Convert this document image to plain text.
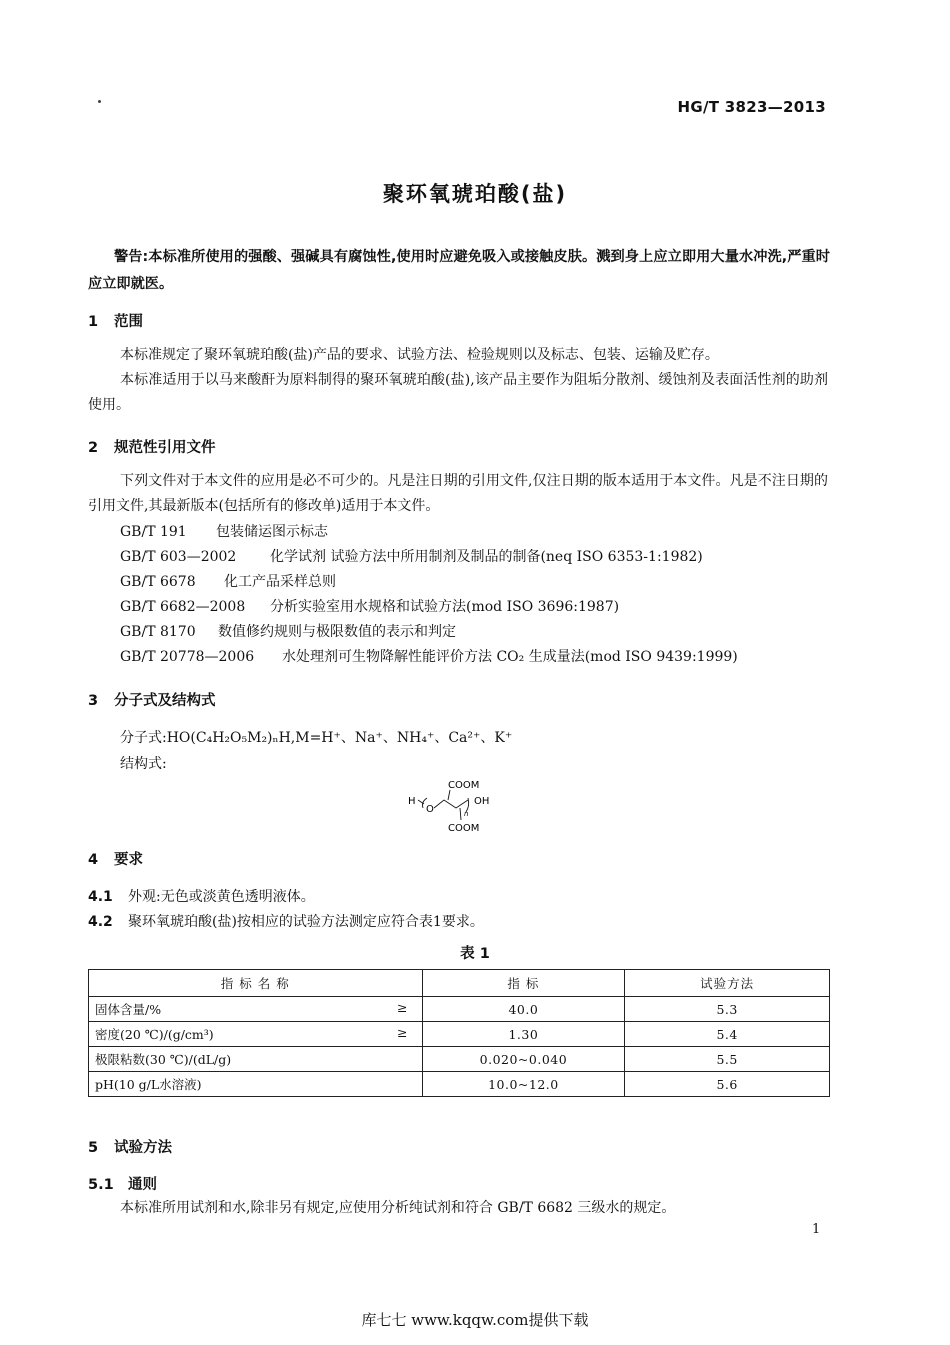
HG/T 3823—2013
聚环氧琥珀酸(盐)
警告:本标准所使用的强酸、强碱具有腐蚀性,使用时应避免吸入或接触皮肤。溅到身上应立即用大量水冲洗,严重时应立即就医。
1 范围
本标准规定了聚环氧琥珀酸(盐)产品的要求、试验方法、检验规则以及标志、包装、运输及贮存。
本标准适用于以马来酸酐为原料制得的聚环氧琥珀酸(盐),该产品主要作为阻垢分散剂、缓蚀剂及表面活性剂的助剂使用。
2 规范性引用文件
下列文件对于本文件的应用是必不可少的。凡是注日期的引用文件,仅注日期的版本适用于本文件。凡是不注日期的引用文件,其最新版本(包括所有的修改单)适用于本文件。
GB/T 191 包装储运图示标志
GB/T 603—2002 化学试剂 试验方法中所用制剂及制品的制备(neq ISO 6353-1:1982)
GB/T 6678 化工产品采样总则
GB/T 6682—2008 分析实验室用水规格和试验方法(mod ISO 3696:1987)
GB/T 8170 数值修约规则与极限数值的表示和判定
GB/T 20778—2006 水处理剂可生物降解性能评价方法 CO₂ 生成量法(mod ISO 9439:1999)
3 分子式及结构式
分子式:HO(C₄H₂O₅M₂)ₙH,M=H⁺、Na⁺、NH₄⁺、Ca²⁺、K⁺
结构式:
COOM
COOM
H
O
OH
n
4 要求
4.1 外观:无色或淡黄色透明液体。
4.2 聚环氧琥珀酸(盐)按相应的试验方法测定应符合表1要求。
表 1
指 标 名 称	指 标	试验方法
固体含量/% ≥	40.0	5.3
密度(20 ℃)/(g/cm³) ≥	1.30	5.4
极限粘数(30 ℃)/(dL/g)	0.020~0.040	5.5
pH(10 g/L水溶液)	10.0~12.0	5.6
5 试验方法
5.1 通则
本标准所用试剂和水,除非另有规定,应使用分析纯试剂和符合 GB/T 6682 三级水的规定。
1
库七七 www.kqqw.com提供下载
